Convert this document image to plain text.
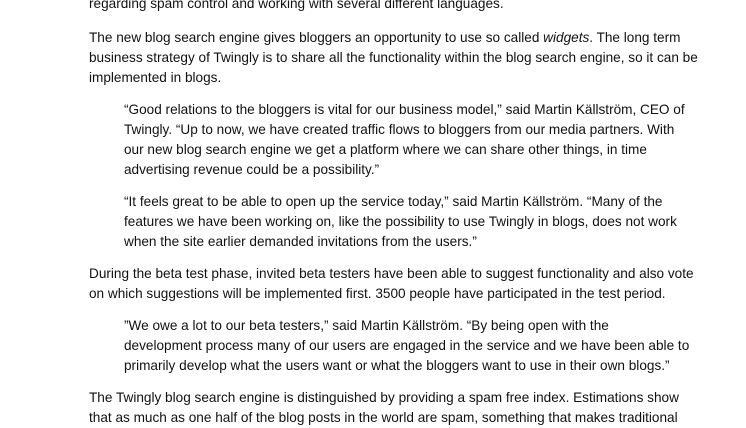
regarding spam control and working with several different languages.
The new blog search engine gives bloggers an opportunity to use so called widgets. The long term
business strategy of Twingly is to share all the functionality within the blog search engine, so it can be
implemented in blogs.
“Good relations to the bloggers is vital for our business model,” said Martin Källström, CEO of
Twingly. “Up to now, we have created traffic flows to bloggers from our media partners. With
our new blog search engine we get a platform where we can share other things, in time
advertising revenue could be a possibility.”
“It feels great to be able to open up the service today,” said Martin Källström. “Many of the
features we have been working on, like the possibility to use Twingly in blogs, does not work
when the site earlier demanded invitations from the users.”
During the beta test phase, invited beta testers have been able to suggest functionality and also vote
on which suggestions will be implemented first. 3500 people have participated in the test period.
”We owe a lot to our beta testers,” said Martin Källström. “By being open with the
development process many of our users are engaged in the service and we have been able to
primarily develop what the users want or what the bloggers want to use in their own blogs.”
The Twingly blog search engine is distinguished by providing a spam free index. Estimations show
that as much as one half of the blog posts in the world are spam, something that makes traditional
